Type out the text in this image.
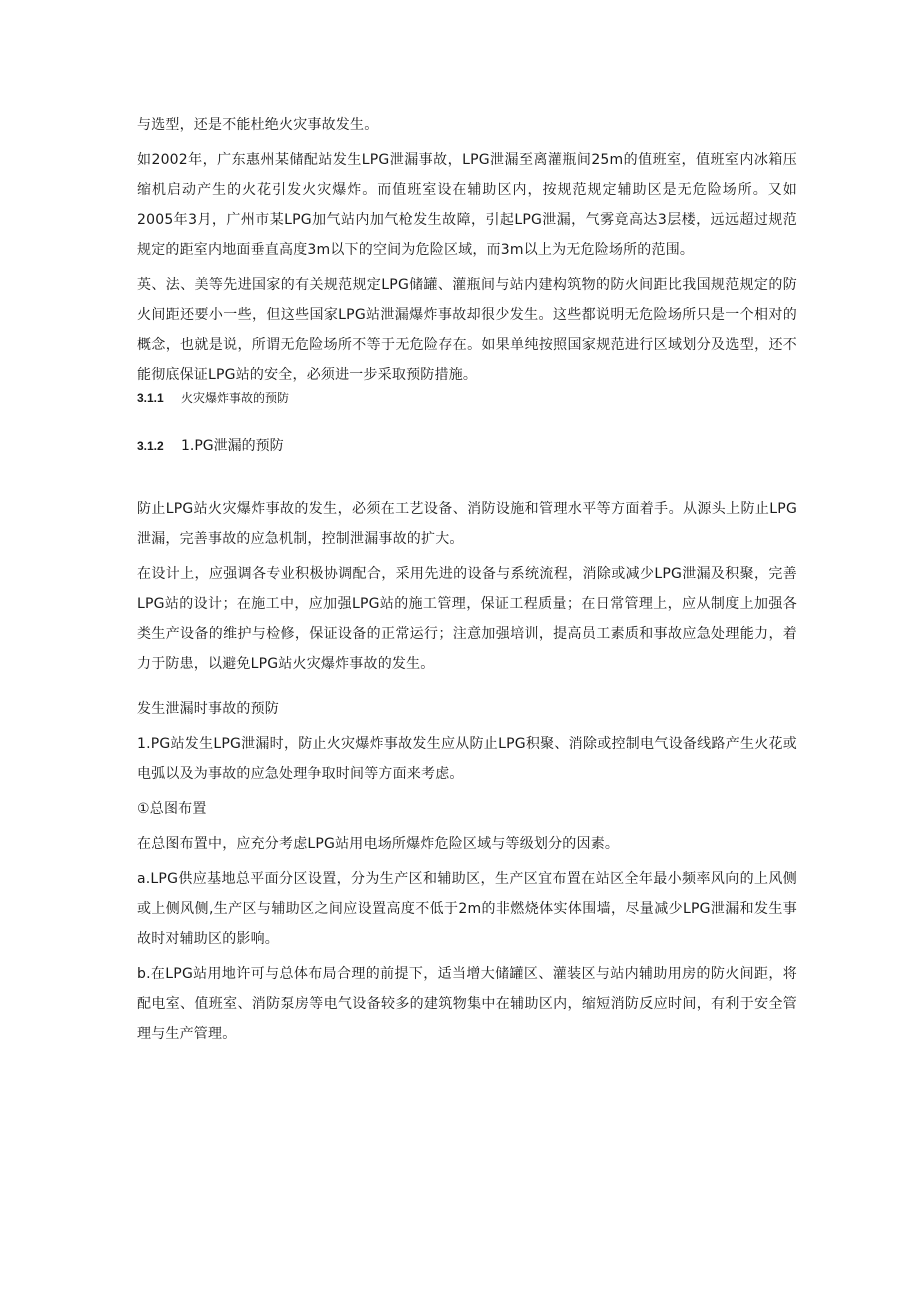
与选型，还是不能杜绝火灾事故发生。

如2002年，广东惠州某储配站发生LPG泄漏事故，LPG泄漏至离灌瓶间25m的值班室，值班室内冰箱压缩机启动产生的火花引发火灾爆炸。而值班室设在辅助区内，按规范规定辅助区是无危险场所。又如2005年3月，广州市某LPG加气站内加气枪发生故障，引起LPG泄漏，气雾竟高达3层楼，远远超过规范规定的距室内地面垂直高度3m以下的空间为危险区域，而3m以上为无危险场所的范围。

英、法、美等先进国家的有关规范规定LPG储罐、灌瓶间与站内建构筑物的防火间距比我国规范规定的防火间距还要小一些，但这些国家LPG站泄漏爆炸事故却很少发生。这些都说明无危险场所只是一个相对的概念，也就是说，所谓无危险场所不等于无危险存在。如果单纯按照国家规范进行区域划分及选型，还不能彻底保证LPG站的安全，必须进一步采取预防措施。

3.1.1 火灾爆炸事故的预防
3.1.2 1.PG泄漏的预防

防止LPG站火灾爆炸事故的发生，必须在工艺设备、消防设施和管理水平等方面着手。从源头上防止LPG泄漏，完善事故的应急机制，控制泄漏事故的扩大。

在设计上，应强调各专业积极协调配合，采用先进的设备与系统流程，消除或减少LPG泄漏及积聚，完善LPG站的设计；在施工中，应加强LPG站的施工管理，保证工程质量；在日常管理上，应从制度上加强各类生产设备的维护与检修，保证设备的正常运行；注意加强培训，提高员工素质和事故应急处理能力，着力于防患，以避免LPG站火灾爆炸事故的发生。

发生泄漏时事故的预防

1.PG站发生LPG泄漏时，防止火灾爆炸事故发生应从防止LPG积聚、消除或控制电气设备线路产生火花或电弧以及为事故的应急处理争取时间等方面来考虑。

①总图布置

在总图布置中，应充分考虑LPG站用电场所爆炸危险区域与等级划分的因素。

a.LPG供应基地总平面分区设置，分为生产区和辅助区，生产区宜布置在站区全年最小频率风向的上风侧或上侧风侧,生产区与辅助区之间应设置高度不低于2m的非燃烧体实体围墙，尽量减少LPG泄漏和发生事故时对辅助区的影响。

b.在LPG站用地许可与总体布局合理的前提下，适当增大储罐区、灌装区与站内辅助用房的防火间距，将配电室、值班室、消防泵房等电气设备较多的建筑物集中在辅助区内，缩短消防反应时间，有利于安全管理与生产管理。
